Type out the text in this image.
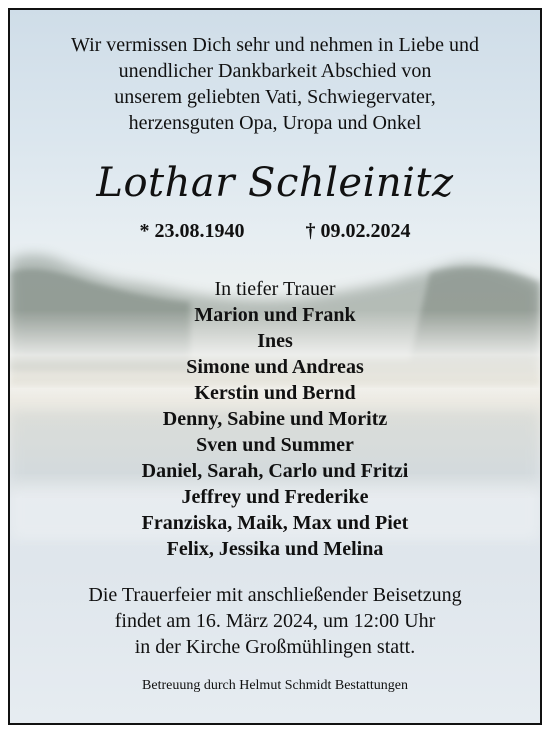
Wir vermissen Dich sehr und nehmen in Liebe und
unendlicher Dankbarkeit Abschied von
unserem geliebten Vati, Schwiegervater,
herzensguten Opa, Uropa und Onkel
Lothar Schleinitz
* 23.08.1940	† 09.02.2024
In tiefer Trauer
Marion und Frank
Ines
Simone und Andreas
Kerstin und Bernd
Denny, Sabine und Moritz
Sven und Summer
Daniel, Sarah, Carlo und Fritzi
Jeffrey und Frederike
Franziska, Maik, Max und Piet
Felix, Jessika und Melina
Die Trauerfeier mit anschließender Beisetzung
findet am 16. März 2024, um 12:00 Uhr
in der Kirche Großmühlingen statt.
Betreuung durch Helmut Schmidt Bestattungen
